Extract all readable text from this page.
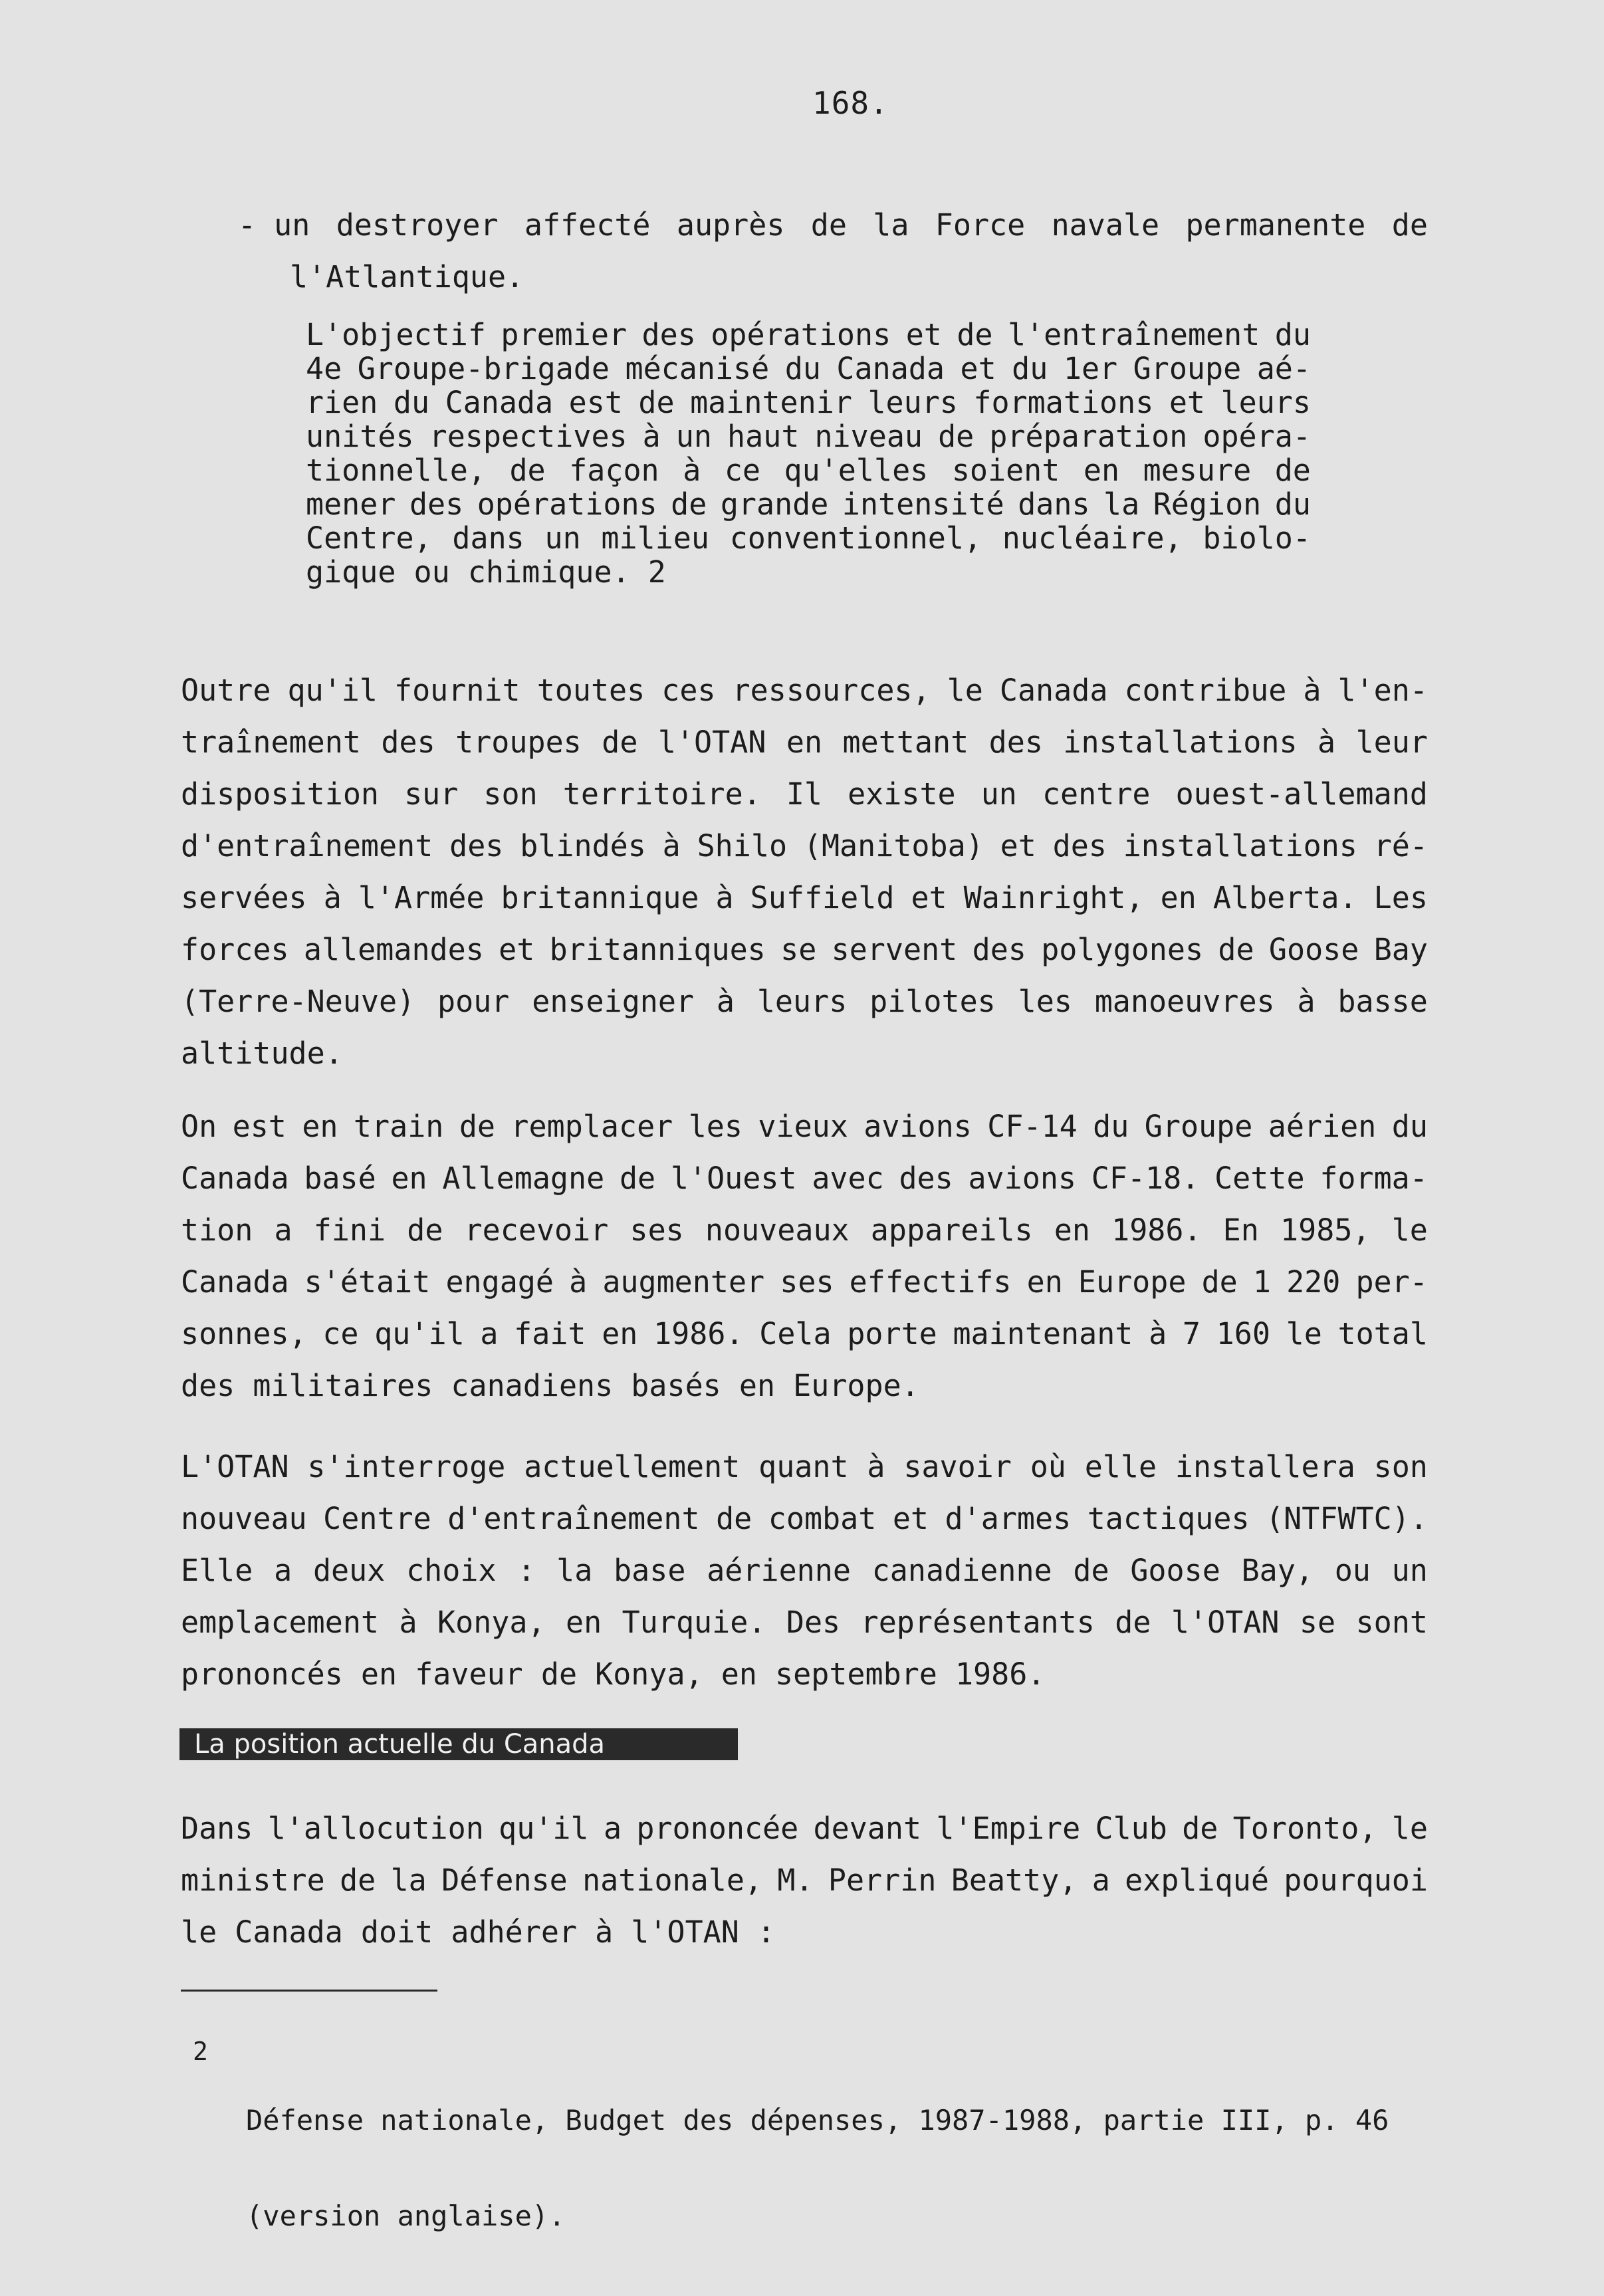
168.
- un destroyer affecté auprès de la Force navale permanente de
l'Atlantique.
L'objectif premier des opérations et de l'entraînement du
4e Groupe-brigade mécanisé du Canada et du 1er Groupe aé-
rien du Canada est de maintenir leurs formations et leurs
unités respectives à un haut niveau de préparation opéra-
tionnelle, de façon à ce qu'elles soient en mesure de
mener des opérations de grande intensité dans la Région du
Centre, dans un milieu conventionnel, nucléaire, biolo-
gique ou chimique. 2
Outre qu'il fournit toutes ces ressources, le Canada contribue à l'en-
traînement des troupes de l'OTAN en mettant des installations à leur
disposition sur son territoire. Il existe un centre ouest-allemand
d'entraînement des blindés à Shilo (Manitoba) et des installations ré-
servées à l'Armée britannique à Suffield et Wainright, en Alberta. Les
forces allemandes et britanniques se servent des polygones de Goose Bay
(Terre-Neuve) pour enseigner à leurs pilotes les manoeuvres à basse
altitude.
On est en train de remplacer les vieux avions CF-14 du Groupe aérien du
Canada basé en Allemagne de l'Ouest avec des avions CF-18. Cette forma-
tion a fini de recevoir ses nouveaux appareils en 1986. En 1985, le
Canada s'était engagé à augmenter ses effectifs en Europe de 1 220 per-
sonnes, ce qu'il a fait en 1986. Cela porte maintenant à 7 160 le total
des militaires canadiens basés en Europe.
L'OTAN s'interroge actuellement quant à savoir où elle installera son
nouveau Centre d'entraînement de combat et d'armes tactiques (NTFWTC).
Elle a deux choix : la base aérienne canadienne de Goose Bay, ou un
emplacement à Konya, en Turquie. Des représentants de l'OTAN se sont
prononcés en faveur de Konya, en septembre 1986.
La position actuelle du Canada
Dans l'allocution qu'il a prononcée devant l'Empire Club de Toronto, le
ministre de la Défense nationale, M. Perrin Beatty, a expliqué pourquoi
le Canada doit adhérer à l'OTAN :
2

Défense nationale, Budget des dépenses, 1987-1988, partie III, p. 46

(version anglaise).
